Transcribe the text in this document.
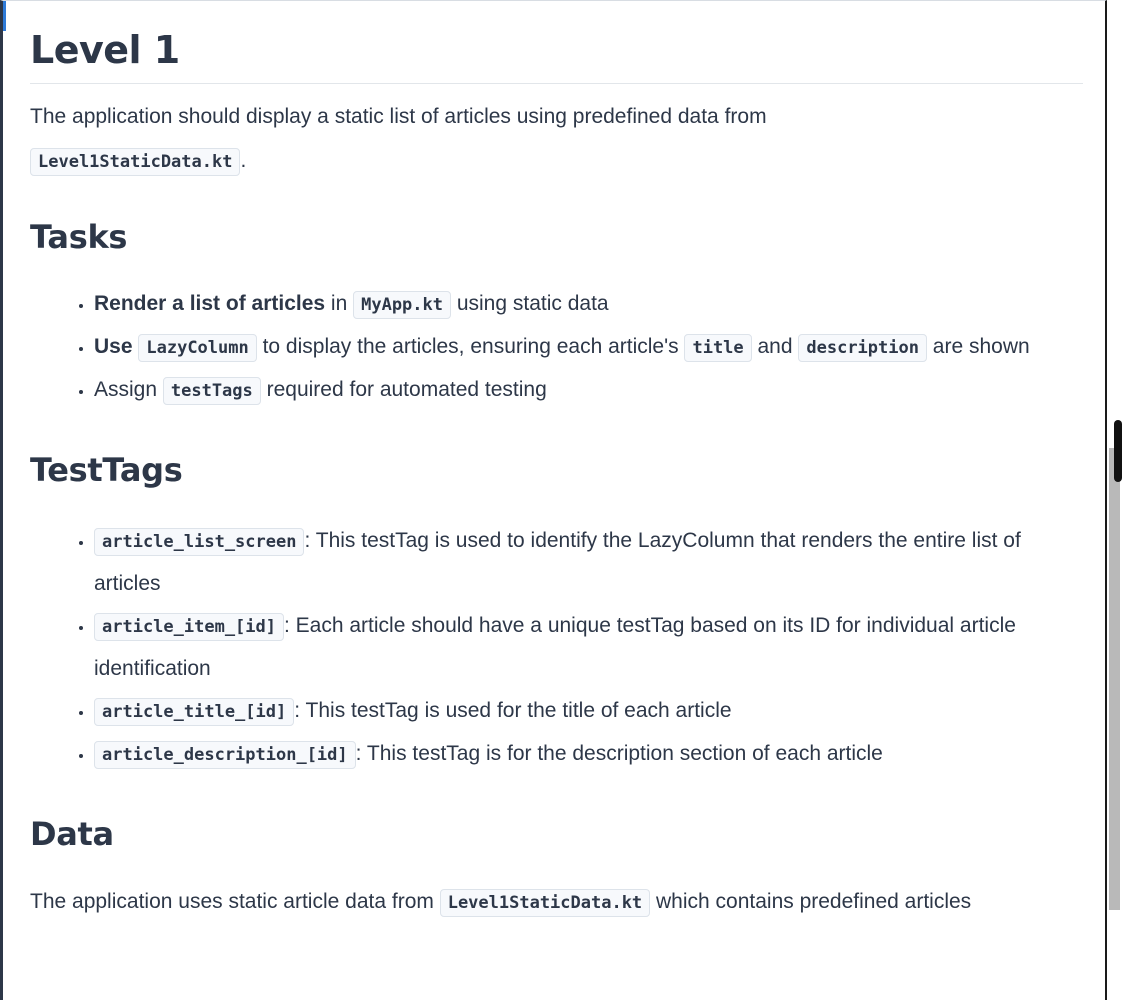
Level 1

The application should display a static list of articles using predefined data from
Level1StaticData.kt .

Tasks
• Render a list of articles in MyApp.kt using static data
• Use LazyColumn to display the articles, ensuring each article's title and description are shown
• Assign testTags required for automated testing
TestTags
• article_list_screen : This testTag is used to identify the LazyColumn that renders the entire list of articles
• article_item_[id] : Each article should have a unique testTag based on its ID for individual article identification
• article_title_[id] : This testTag is used for the title of each article
• article_description_[id] : This testTag is for the description section of each article
Data

The application uses static article data from Level1StaticData.kt which contains predefined articles
